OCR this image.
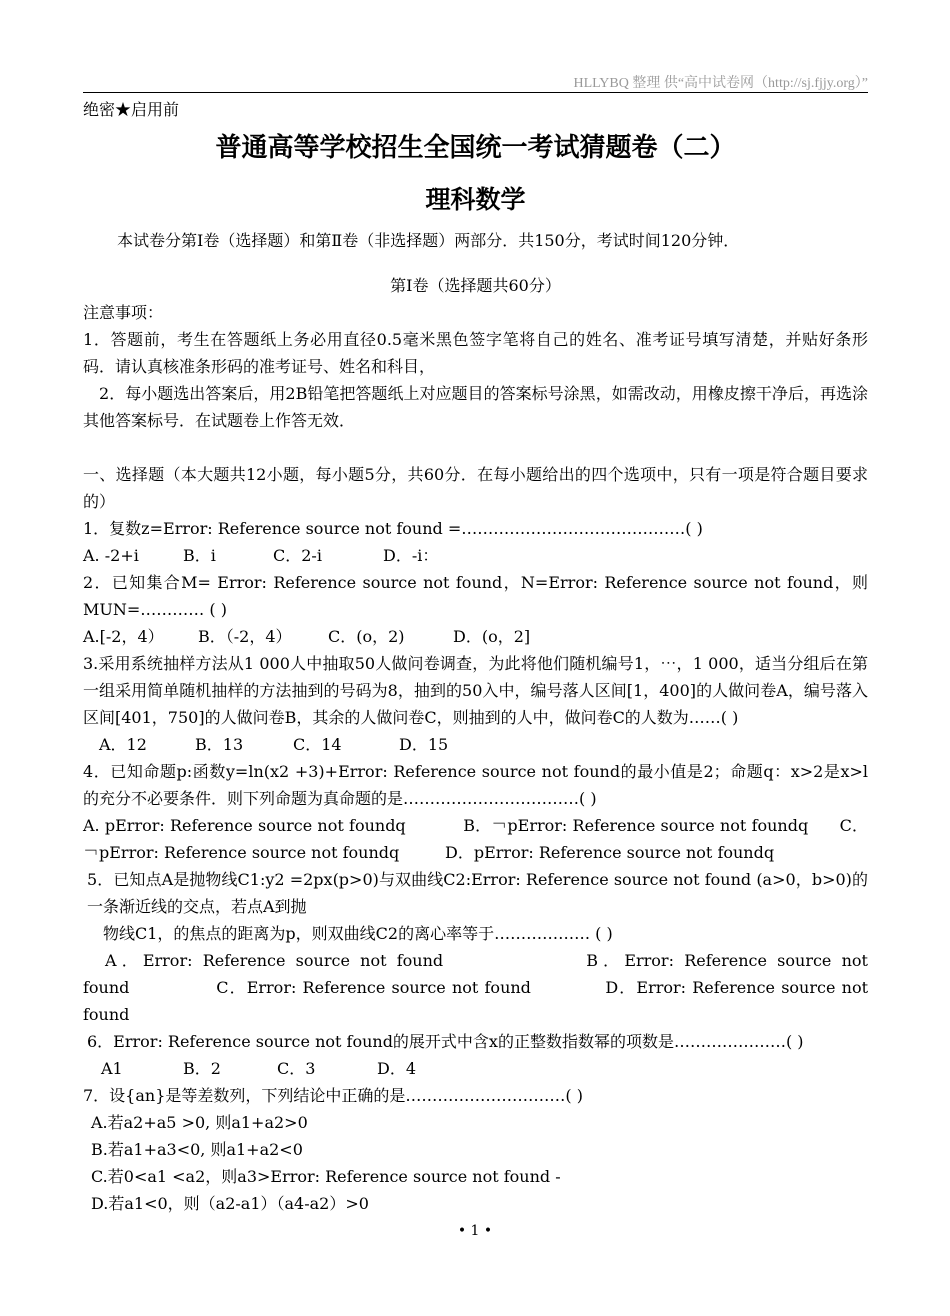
HLLYBQ 整理 供“高中试卷网（http://sj.fjjy.org）”
绝密★启用前
普通高等学校招生全国统一考试猜题卷（二）
理科数学
本试卷分第Ⅰ卷（选择题）和第Ⅱ卷（非选择题）两部分．共150分，考试时间120分钟．
第Ⅰ卷（选择题共60分）
注意事项：
1．答题前，考生在答题纸上务必用直径0.5毫米黑色签字笔将自己的姓名、准考证号填写清楚，并贴好条形码．请认真核准条形码的准考证号、姓名和科目，
2．每小题选出答案后，用2B铅笔把答题纸上对应题目的答案标号涂黑，如需改动，用橡皮擦干净后，再选涂其他答案标号．在试题卷上作答无效．
一、选择题（本大题共12小题，每小题5分，共60分．在每小题给出的四个选项中，只有一项是符合题目要求的）
1．复数z=Error: Reference source not found =……………………………………( )
A. -2+i	B．i	C．2-i	D．-i：
2．已知集合M= Error: Reference source not found，N=Error: Reference source not found，则MUN=………… ( )
A.[-2，4） B．（-2，4） C．(o，2)	D．(o，2]
3.采用系统抽样方法从1 000人中抽取50人做问卷调查，为此将他们随机编号1，⋯，1 000，适当分组后在第一组采用简单随机抽样的方法抽到的号码为8，抽到的50入中，编号落人区间[1，400]的人做问卷A，编号落入区间[401，750]的人做问卷B，其余的人做问卷C，则抽到的人中，做问卷C的人数为……( )
A．12	B．13	C．14	D．15
4．已知命题p:函数y=ln(x2 +3)+Error: Reference source not found的最小值是2；命题q：x>2是x>l的充分不必要条件．则下列命题为真命题的是……………………………( )
A. pError: Reference source not foundq	B．￢pError: Reference source not foundq C．￢pError: Reference source not foundq	D．pError: Reference source not foundq
5．已知点A是抛物线C1:y2 =2px(p>0)与双曲线C2:Error: Reference source not found (a>0，b>0)的一条渐近线的交点，若点A到抛
物线C1，的焦点的距离为p，则双曲线C2的离心率等于……………… ( )
A．Error: Reference source not found	B．Error: Reference source not found	C．Error: Reference source not found	D．Error: Reference source not found
6．Error: Reference source not found的展开式中含x的正整数指数幂的项数是…………………( )
A1	B．2	C．3	D．4
7．设{an}是等差数列，下列结论中正确的是…………………………( )
A.若a2+a5 >0, 则a1+a2>0
B.若a1+a3<0, 则a1+a2<0
C.若0<a1 <a2，则a3>Error: Reference source not found -
D.若a1<0，则（a2-a1）（a4-a2）>0
• 1 •
